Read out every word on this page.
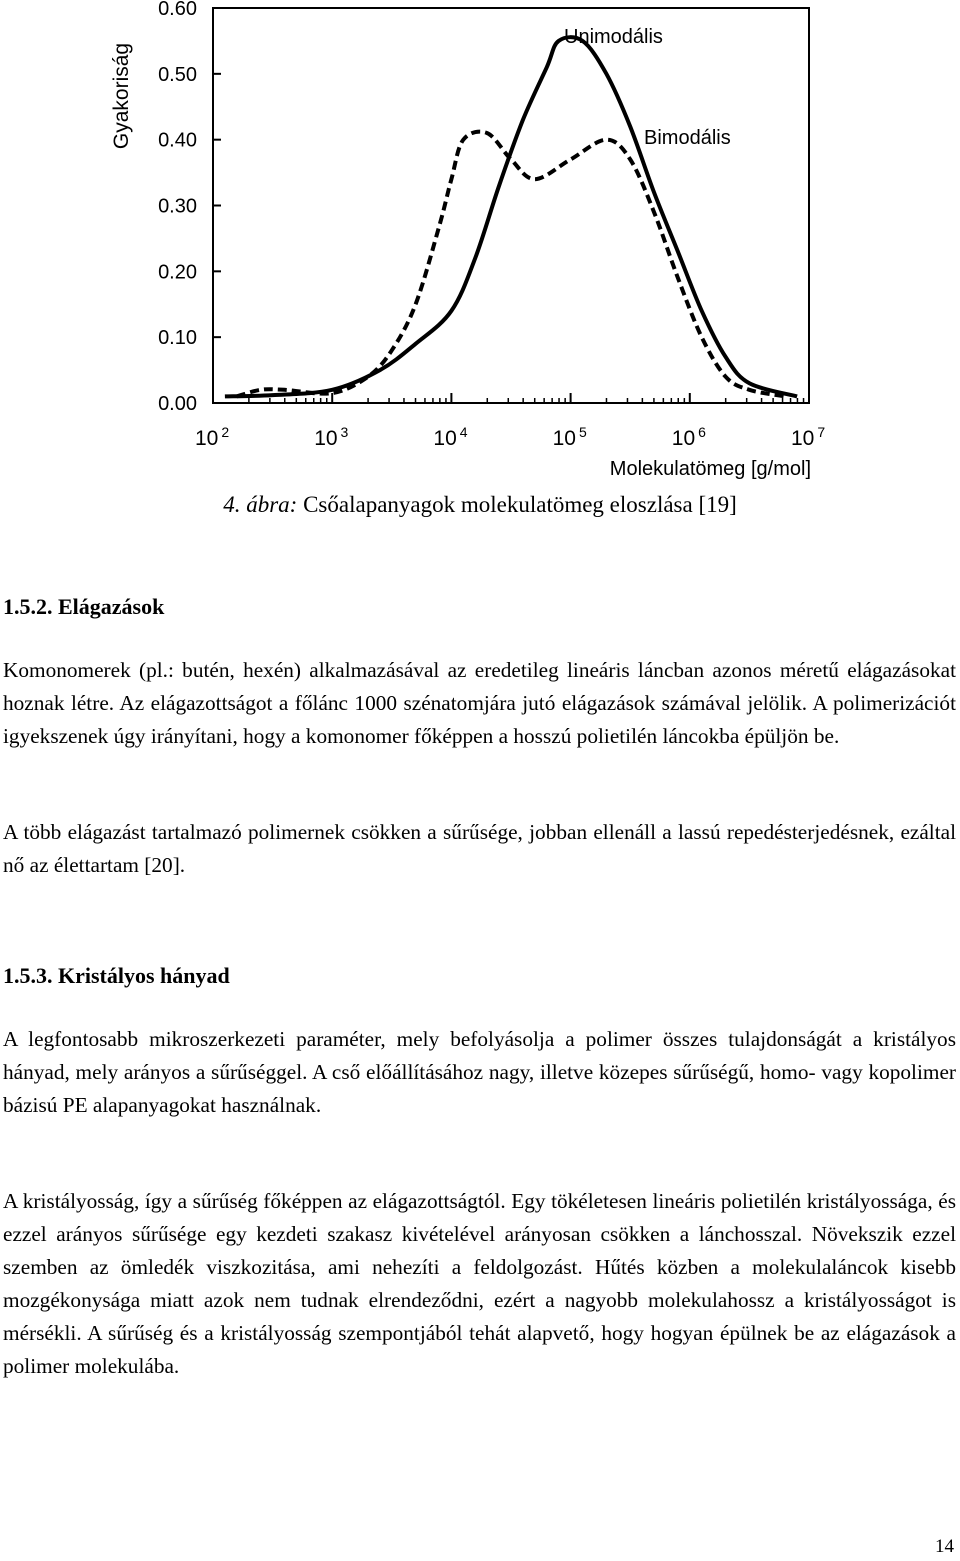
0.00
0.10
0.20
0.30
0.40
0.50
0.60
10 $^2$	10 $^3$	10 $^4$	10 $^5$	10 $^6$	10 $^7$
Gyakoriság
Molekulatömeg [g/mol]
Unimodális
Bimodális
4. ábra: Csőalapanyagok molekulatömeg eloszlása [19]
1.5.2. Elágazások

Komonomerek (pl.: butén, hexén) alkalmazásával az eredetileg lineáris láncban azonos méretű elágazásokat hoznak létre. Az elágazottságot a főlánc 1000 szénatomjára jutó elágazások számával jelölik. A polimerizációt igyekszenek úgy irányítani, hogy a komonomer főképpen a hosszú polietilén láncokba épüljön be.

A több elágazást tartalmazó polimernek csökken a sűrűsége, jobban ellenáll a lassú repedésterjedésnek, ezáltal nő az élettartam [20].

1.5.3. Kristályos hányad

A legfontosabb mikroszerkezeti paraméter, mely befolyásolja a polimer összes tulajdonságát a kristályos hányad, mely arányos a sűrűséggel. A cső előállításához nagy, illetve közepes sűrűségű, homo- vagy kopolimer bázisú PE alapanyagokat használnak.

A kristályosság, így a sűrűség főképpen az elágazottságtól. Egy tökéletesen lineáris polietilén kristályossága, és ezzel arányos sűrűsége egy kezdeti szakasz kivételével arányosan csökken a lánchosszal. Növekszik ezzel szemben az ömledék viszkozitása, ami nehezíti a feldolgozást. Hűtés közben a molekulaláncok kisebb mozgékonysága miatt azok nem tudnak elrendeződni, ezért a nagyobb molekulahossz a kristályosságot is mérsékli. A sűrűség és a kristályosság szempontjából tehát alapvető, hogy hogyan épülnek be az elágazások a polimer molekulába.

14
